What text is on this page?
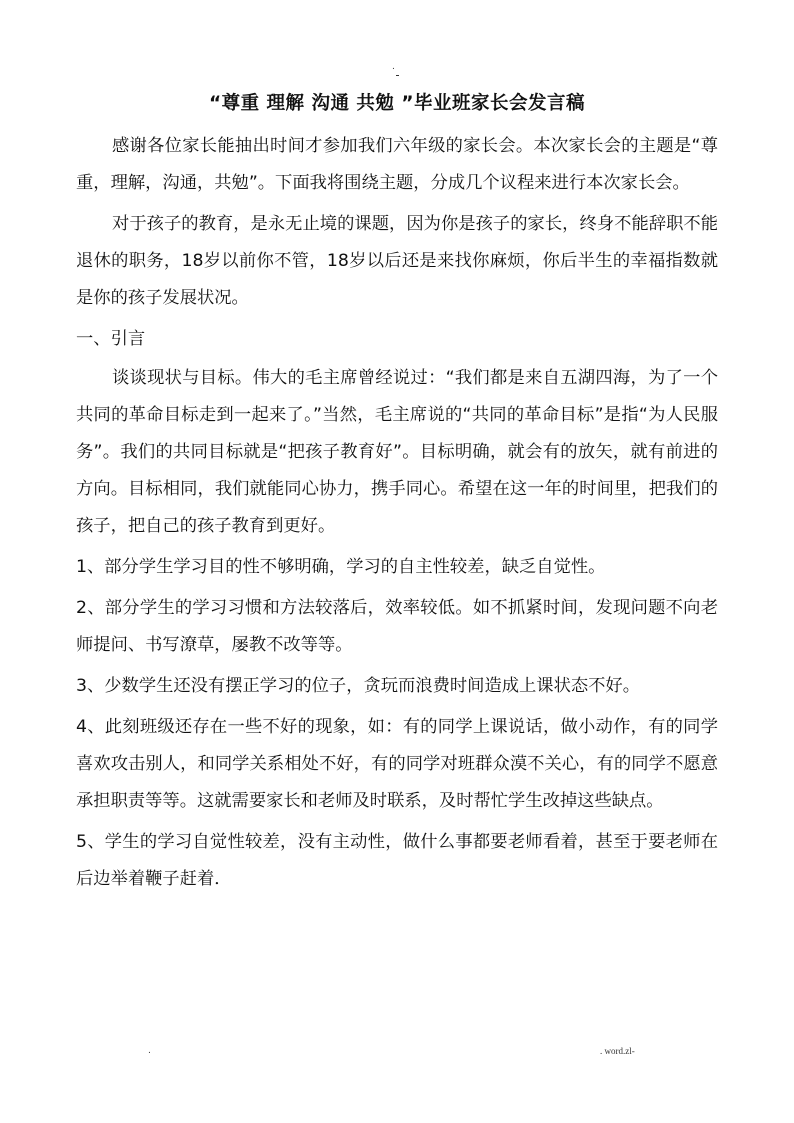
.
“尊重 理解 沟通 共勉 ”毕业班家长会发言稿

感谢各位家长能抽出时间才参加我们六年级的家长会。本次家长会的主题是“尊重，理解，沟通，共勉”。下面我将围绕主题，分成几个议程来进行本次家长会。

对于孩子的教育，是永无止境的课题，因为你是孩子的家长，终身不能辞职不能退休的职务，18岁以前你不管，18岁以后还是来找你麻烦，你后半生的幸福指数就是你的孩子发展状况。

一、引言

谈谈现状与目标。伟大的毛主席曾经说过：“我们都是来自五湖四海，为了一个共同的革命目标走到一起来了。”当然，毛主席说的“共同的革命目标”是指“为人民服务”。我们的共同目标就是“把孩子教育好”。目标明确，就会有的放矢，就有前进的方向。目标相同，我们就能同心协力，携手同心。希望在这一年的时间里，把我们的孩子，把自己的孩子教育到更好。

1、部分学生学习目的性不够明确，学习的自主性较差，缺乏自觉性。

2、部分学生的学习习惯和方法较落后，效率较低。如不抓紧时间，发现问题不向老师提问、书写潦草，屡教不改等等。

3、少数学生还没有摆正学习的位子，贪玩而浪费时间造成上课状态不好。

4、此刻班级还存在一些不好的现象，如：有的同学上课说话，做小动作，有的同学喜欢攻击别人，和同学关系相处不好，有的同学对班群众漠不关心，有的同学不愿意承担职责等等。这就需要家长和老师及时联系，及时帮忙学生改掉这些缺点。

5、学生的学习自觉性较差，没有主动性，做什么事都要老师看着，甚至于要老师在后边举着鞭子赶着．

.	. word.zl-
